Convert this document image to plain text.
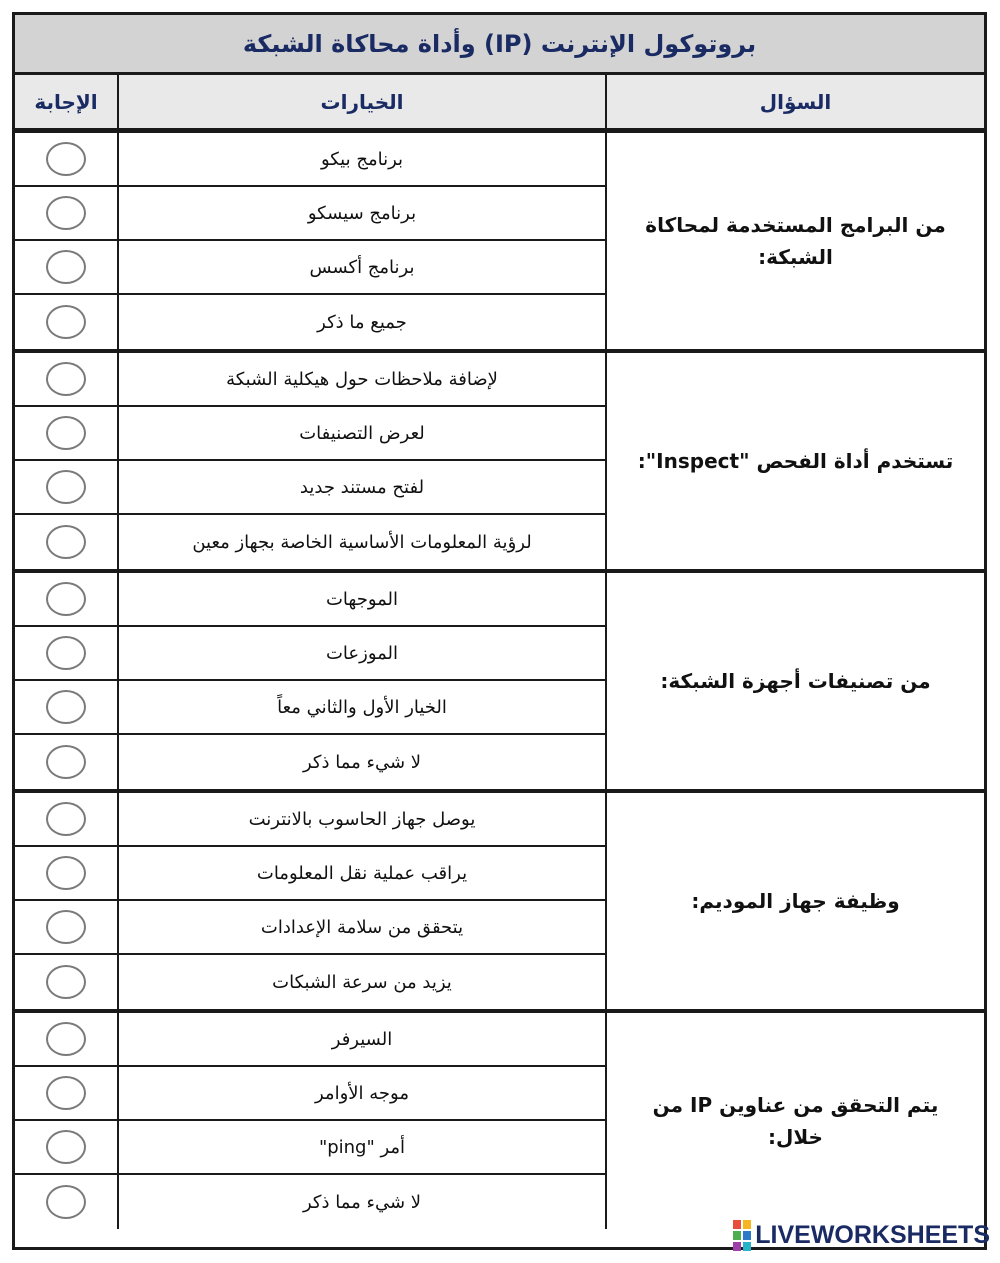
بروتوكول الإنترنت (IP) وأداة محاكاة الشبكة
الإجابة	الخيارات	السؤال
برنامج بيكو
برنامج سيسكو
برنامج أكسس
جميع ما ذكر
من البرامج المستخدمة لمحاكاة الشبكة:
لإضافة ملاحظات حول هيكلية الشبكة
لعرض التصنيفات
لفتح مستند جديد
لرؤية المعلومات الأساسية الخاصة بجهاز معين
تستخدم أداة الفحص "Inspect":
الموجهات
الموزعات
الخيار الأول والثاني معاً
لا شيء مما ذكر
من تصنيفات أجهزة الشبكة:
يوصل جهاز الحاسوب بالانترنت
يراقب عملية نقل المعلومات
يتحقق من سلامة الإعدادات
يزيد من سرعة الشبكات
وظيفة جهاز الموديم:
السيرفر
موجه الأوامر
أمر "ping"
لا شيء مما ذكر
يتم التحقق من عناوين IP من خلال:
LIVEWORKSHEETS
